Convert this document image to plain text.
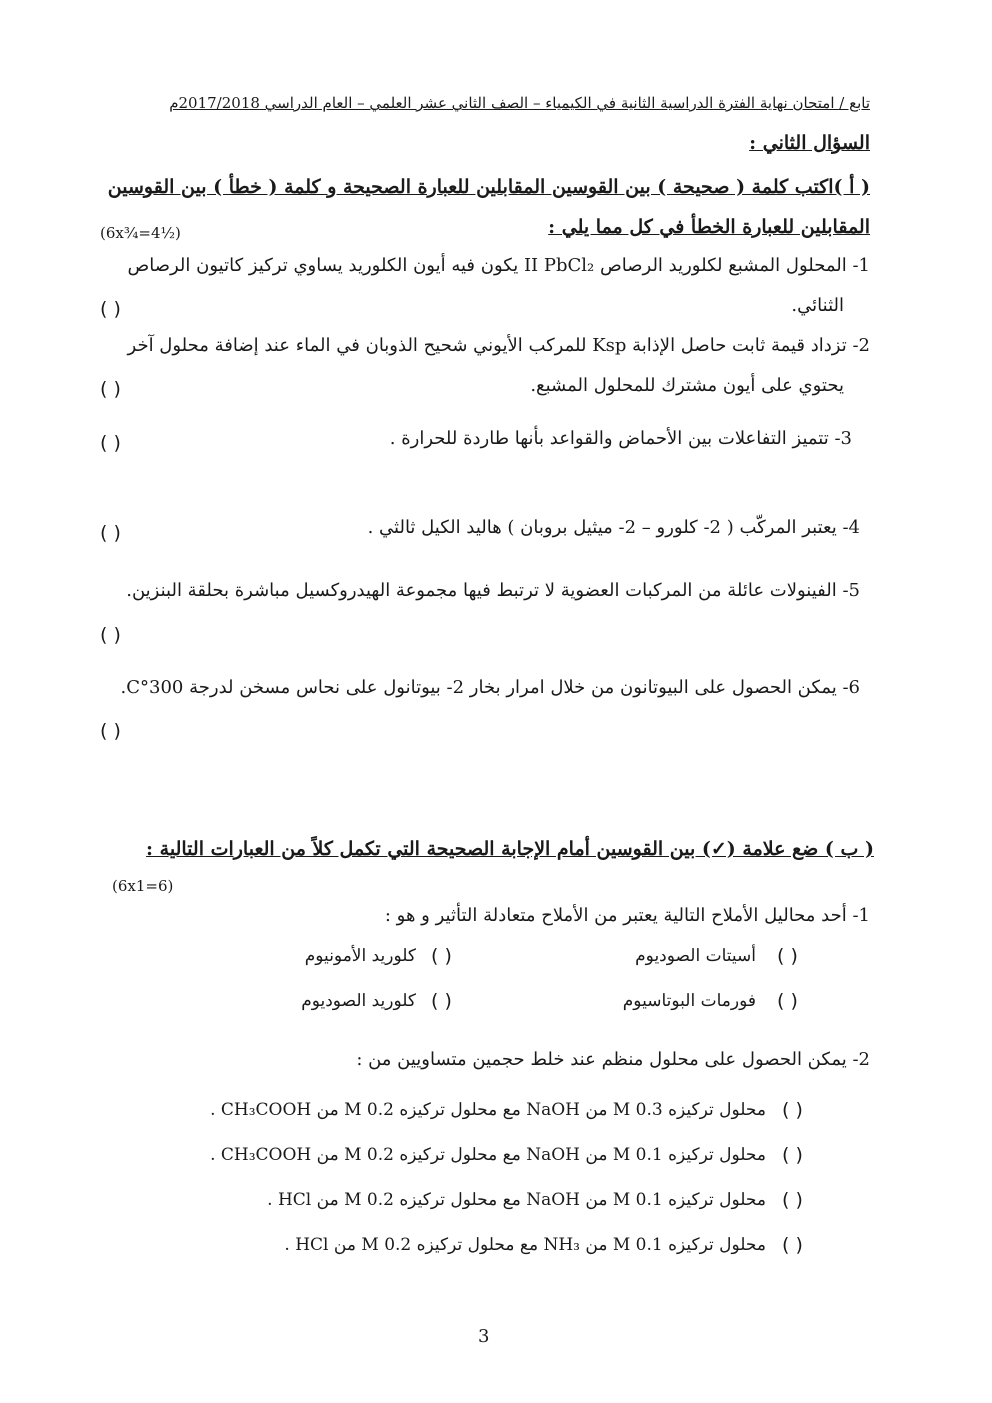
تابع / امتحان نهاية الفترة الدراسية الثانية في الكيمياء – الصف الثاني عشر العلمي – العام الدراسي 2017/2018م
السؤال الثاني :
( أ )اكتب كلمة ( صحيحة ) بين القوسين المقابلين للعبارة الصحيحة و كلمة ( خطأ ) بين القوسين
المقابلين للعبارة الخطأ في كل مما يلي :
(6x¾=4½)
1- المحلول المشبع لكلوريد الرصاص II PbCl₂ يكون فيه أيون الكلوريد يساوي تركيز كاتيون الرصاص
الثنائي.
( )
2- تزداد قيمة ثابت حاصل الإذابة Ksp للمركب الأيوني شحيح الذوبان في الماء عند إضافة محلول آخر
يحتوي على أيون مشترك للمحلول المشبع.
( )
3- تتميز التفاعلات بين الأحماض والقواعد بأنها طاردة للحرارة .
( )
4- يعتبر المركّب ( 2- كلورو – 2- ميثيل بروبان ) هاليد الكيل ثالثي .
( )
5- الفينولات عائلة من المركبات العضوية لا ترتبط فيها مجموعة الهيدروكسيل مباشرة بحلقة البنزين.
( )
6- يمكن الحصول على البيوتانون من خلال امرار بخار 2- بيوتانول على نحاس مسخن لدرجة 300°C.
( )
( ب ) ضع علامة (✓) بين القوسين أمام الإجابة الصحيحة التي تكمل كلاً من العبارات التالية :
(6x1=6)
1- أحد محاليل الأملاح التالية يعتبر من الأملاح متعادلة التأثير و هو :
( )
أسيتات الصوديوم
( )
كلوريد الأمونيوم
( )
فورمات البوتاسيوم
( )
كلوريد الصوديوم
2- يمكن الحصول على محلول منظم عند خلط حجمين متساويين من :
( )
محلول تركيزه 0.3 M من NaOH مع محلول تركيزه 0.2 M من CH₃COOH .
( )
محلول تركيزه 0.1 M من NaOH مع محلول تركيزه 0.2 M من CH₃COOH .
( )
محلول تركيزه 0.1 M من NaOH مع محلول تركيزه 0.2 M من HCl .
( )
محلول تركيزه 0.1 M من NH₃ مع محلول تركيزه 0.2 M من HCl .
3
